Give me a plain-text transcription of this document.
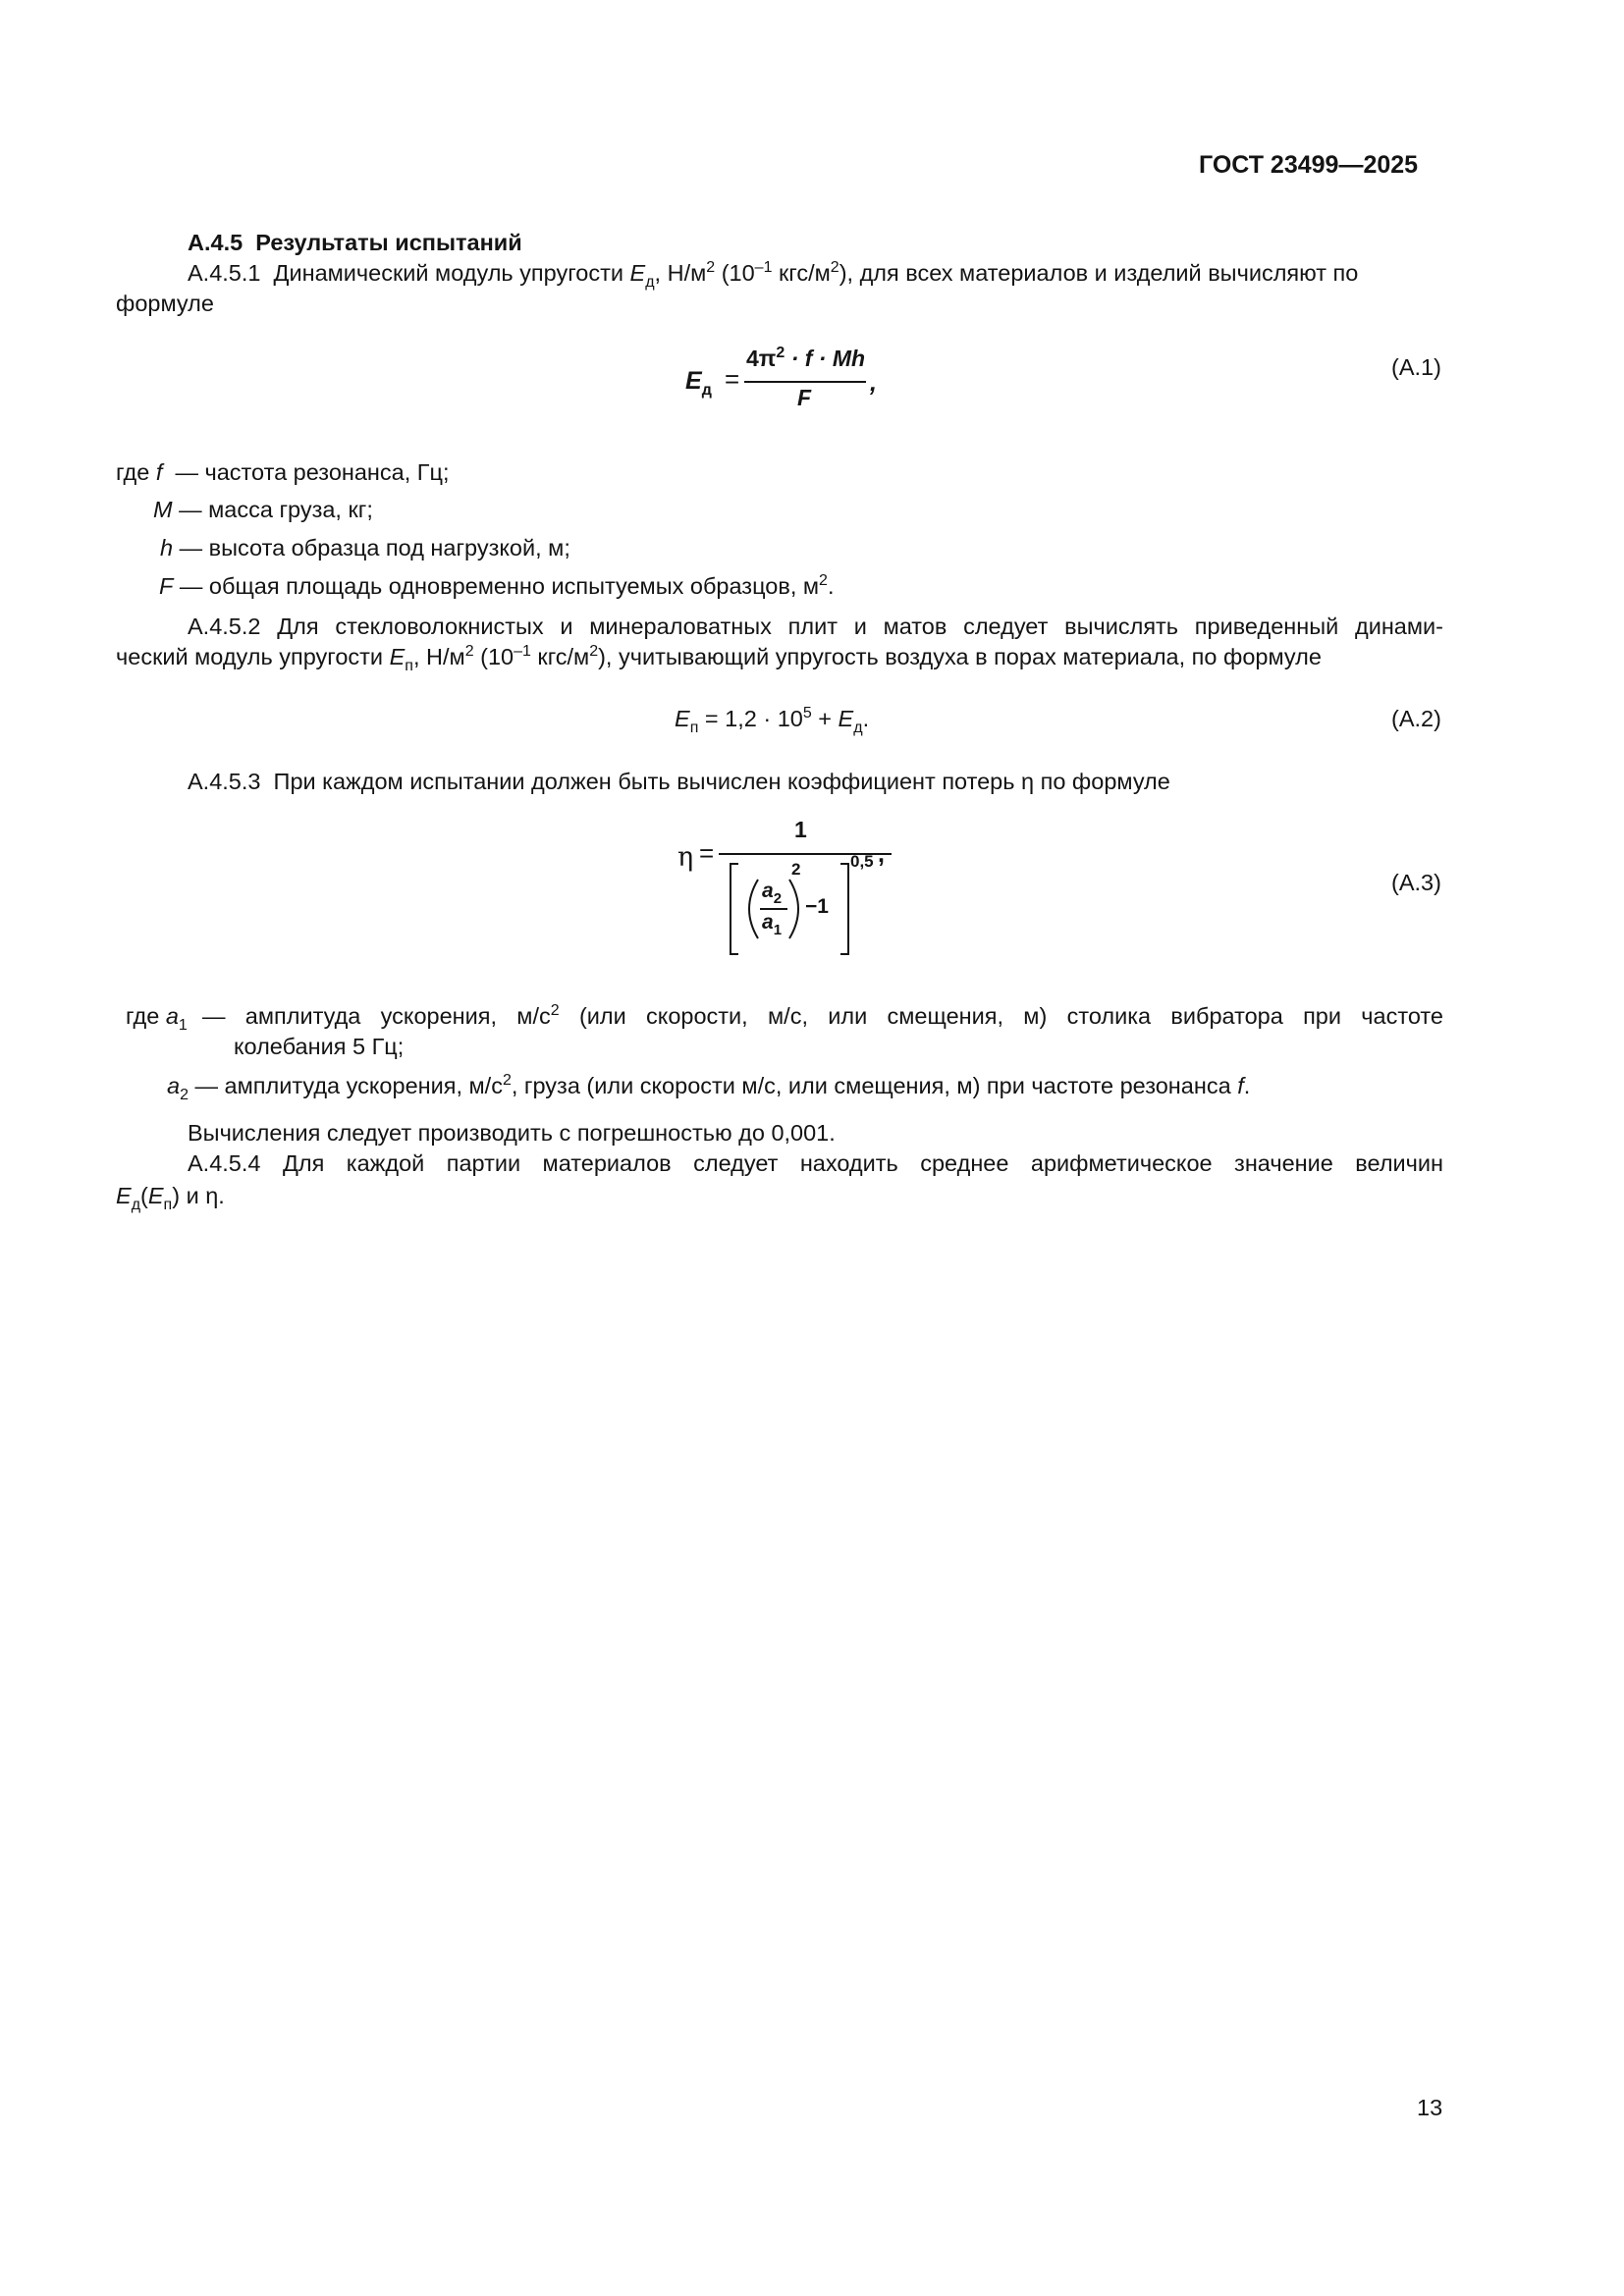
ГОСТ 23499—2025
А.4.5 Результаты испытаний
А.4.5.1 Динамический модуль упругости $E_д$, $Н/м^2$ ($10^{-1}$ кгс/$м^2$), для всех материалов и изделий вычисляют по
формуле
$E_д$ =
$4\pi^2 \cdot f \cdot Mh$
F
,
(А.1)
где f — частота резонанса, Гц;
M — масса груза, кг;
h — высота образца под нагрузкой, м;
F — общая площадь одновременно испытуемых образцов, $м^2$.
А.4.5.2 Для стекловолокнистых и минераловатных плит и матов следует вычислять приведенный динами-
ческий модуль упругости $E_п$, $Н/м^2$ ($10^{-1}$ кгс/$м^2$), учитывающий упругость воздуха в порах материала, по формуле
$E_п = 1,2 \cdot 10^5 + E_д$.	(А.2)
А.4.5.3 При каждом испытании должен быть вычислен коэффициент потерь η по формуле
η =
1
$a_2$
$a_1$
2
−1
0,5 ,
(А.3)
где $a_1$ — амплитуда ускорения, $м/с^2$ (или скорости, м/с, или смещения, м) столика вибратора при частоте
колебания 5 Гц;
$a_2$ — амплитуда ускорения, $м/с^2$, груза (или скорости м/с, или смещения, м) при частоте резонанса f.
Вычисления следует производить с погрешностью до 0,001.
А.4.5.4 Для каждой партии материалов следует находить среднее арифметическое значение величин
$E_д(E_п)$ и η.
13
